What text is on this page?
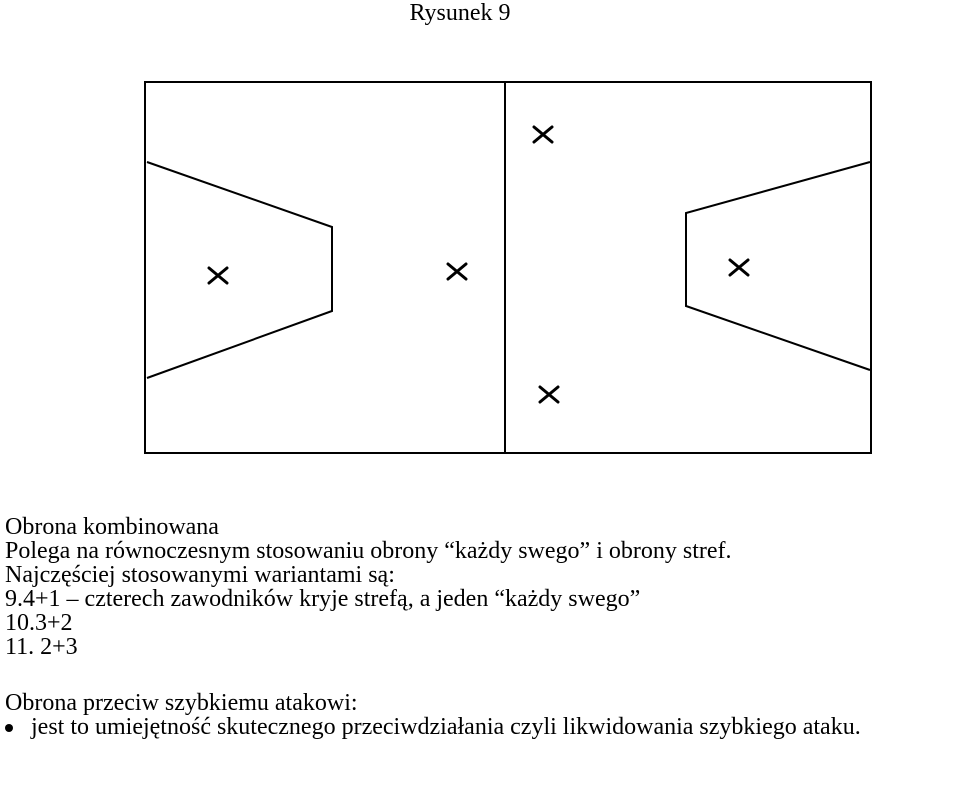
Rysunek 9
Obrona kombinowana
Polega na równoczesnym stosowaniu obrony “każdy swego” i obrony stref.
Najczęściej stosowanymi wariantami są:
9.4+1 – czterech zawodników kryje strefą, a jeden “każdy swego”
10.3+2
11. 2+3
Obrona przeciw szybkiemu atakowi:
jest to umiejętność skutecznego przeciwdziałania czyli likwidowania szybkiego ataku.
